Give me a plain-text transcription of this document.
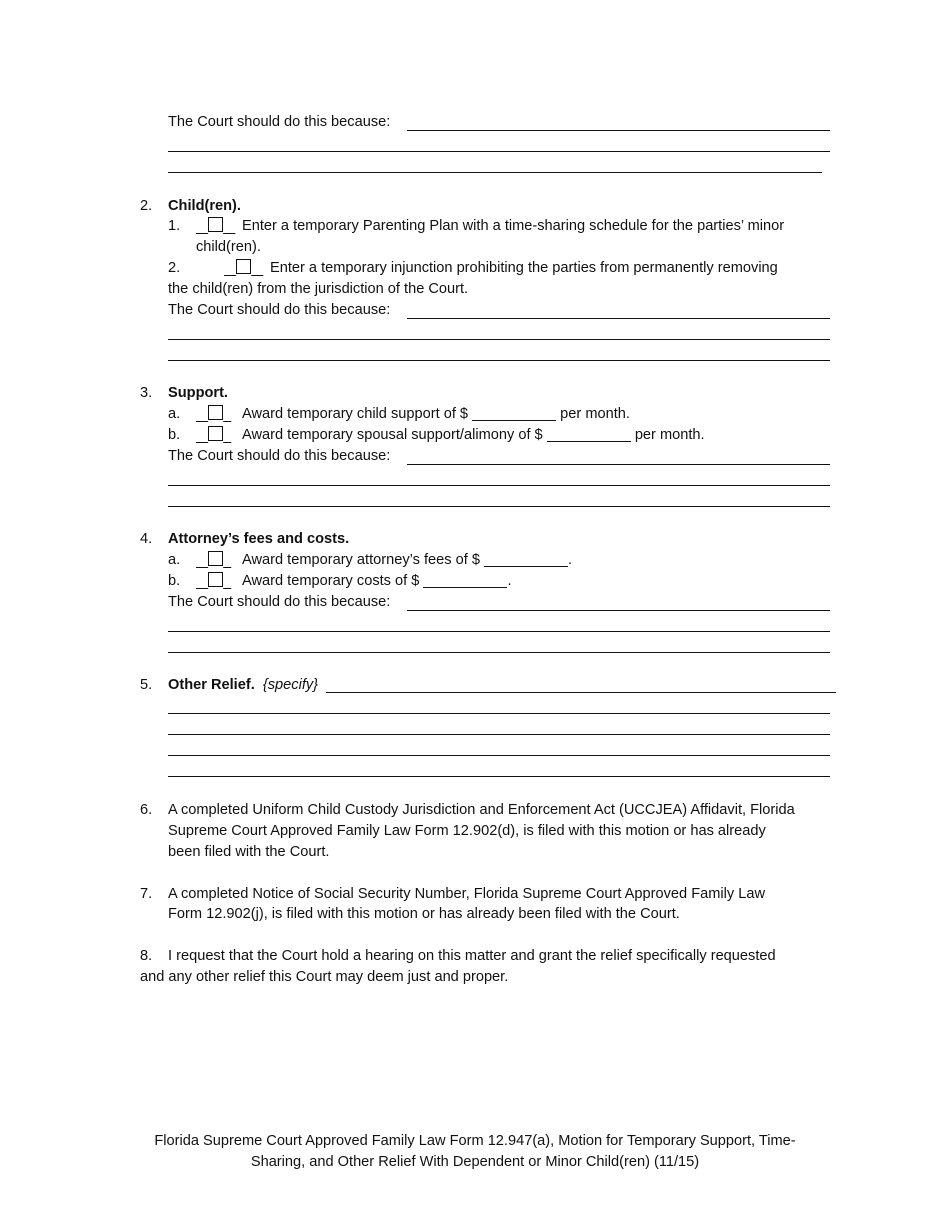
The Court should do this because:
2. Child(ren).
1.
	Enter a temporary Parenting Plan with a time-sharing schedule for the parties’ minor
child(ren).
2.
	Enter a temporary injunction prohibiting the parties from permanently removing
the child(ren) from the jurisdiction of the Court.
The Court should do this because:
3. Support.
a.
	Award temporary child support of $	per month.
b.
	Award temporary spousal support/alimony of $	per month.
The Court should do this because:
4. Attorney’s fees and costs.
a.
	Award temporary attorney’s fees of $	.
b.
	Award temporary costs of $	.
The Court should do this because:
5. Other Relief. {specify}
6. A completed Uniform Child Custody Jurisdiction and Enforcement Act (UCCJEA) Affidavit, Florida
Supreme Court Approved Family Law Form 12.902(d), is filed with this motion or has already
been filed with the Court.
7. A completed Notice of Social Security Number, Florida Supreme Court Approved Family Law
Form 12.902(j), is filed with this motion or has already been filed with the Court.
8. I request that the Court hold a hearing on this matter and grant the relief specifically requested
and any other relief this Court may deem just and proper.
Florida Supreme Court Approved Family Law Form 12.947(a), Motion for Temporary Support, Time-
Sharing, and Other Relief With Dependent or Minor Child(ren) (11/15)
